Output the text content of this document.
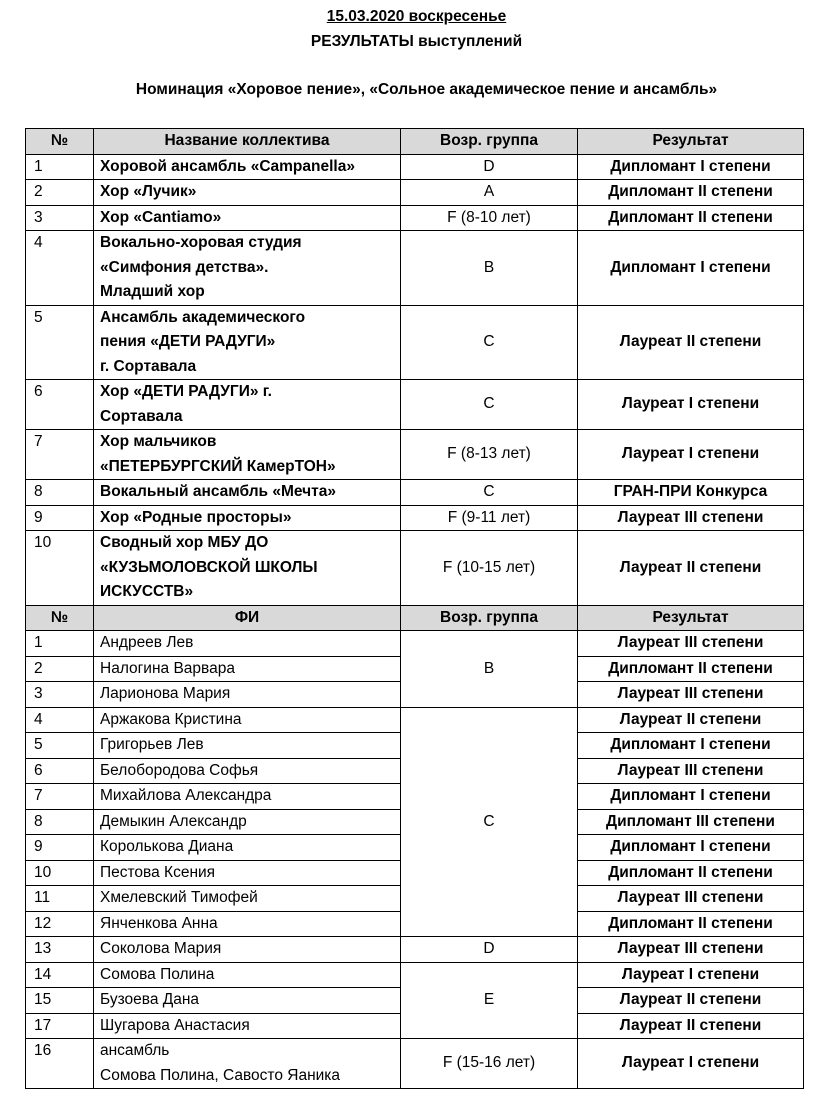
15.03.2020 воскресенье
РЕЗУЛЬТАТЫ выступлений
Номинация «Хоровое пение», «Сольное академическое пение и ансамбль»
№	Название коллектива	Возр. группа	Результат
1	Хоровой ансамбль «Campanella»	D	Дипломант I степени
2	Хор «Лучик»	A	Дипломант II степени
3	Хор «Cantiamo»	F (8-10 лет)	Дипломант II степени
4	Вокально-хоровая студия
«Симфония детства».
Младший хор	B	Дипломант I степени
5	Ансамбль академического
пения «ДЕТИ РАДУГИ»
г. Сортавала	C	Лауреат II степени
6	Хор «ДЕТИ РАДУГИ» г.
Сортавала	C	Лауреат I степени
7	Хор мальчиков
«ПЕТЕРБУРГСКИЙ КамерТОН»	F (8-13 лет)	Лауреат I степени
8	Вокальный ансамбль «Мечта»	C	ГРАН-ПРИ Конкурса
9	Хор «Родные просторы»	F (9-11 лет)	Лауреат III степени
10	Сводный хор МБУ ДО
«КУЗЬМОЛОВСКОЙ ШКОЛЫ
ИСКУССТВ»	F (10-15 лет)	Лауреат II степени
№	ФИ	Возр. группа	Результат
1	Андреев Лев	B	Лауреат III степени
2	Налогина Варвара		Дипломант II степени
3	Ларионова Мария		Лауреат III степени
4	Аржакова Кристина	C	Лауреат II степени
5	Григорьев Лев		Дипломант I степени
6	Белобородова Софья		Лауреат III степени
7	Михайлова Александра		Дипломант I степени
8	Демыкин Александр		Дипломант III степени
9	Королькова Диана		Дипломант I степени
10	Пестова Ксения		Дипломант II степени
11	Хмелевский Тимофей		Лауреат III степени
12	Янченкова Анна		Дипломант II степени
13	Соколова Мария	D	Лауреат III степени
14	Сомова Полина	E	Лауреат I степени
15	Бузоева Дана		Лауреат II степени
17	Шугарова Анастасия		Лауреат II степени
16	ансамбль
Сомова Полина, Савосто Яаника	F (15-16 лет)	Лауреат I степени
